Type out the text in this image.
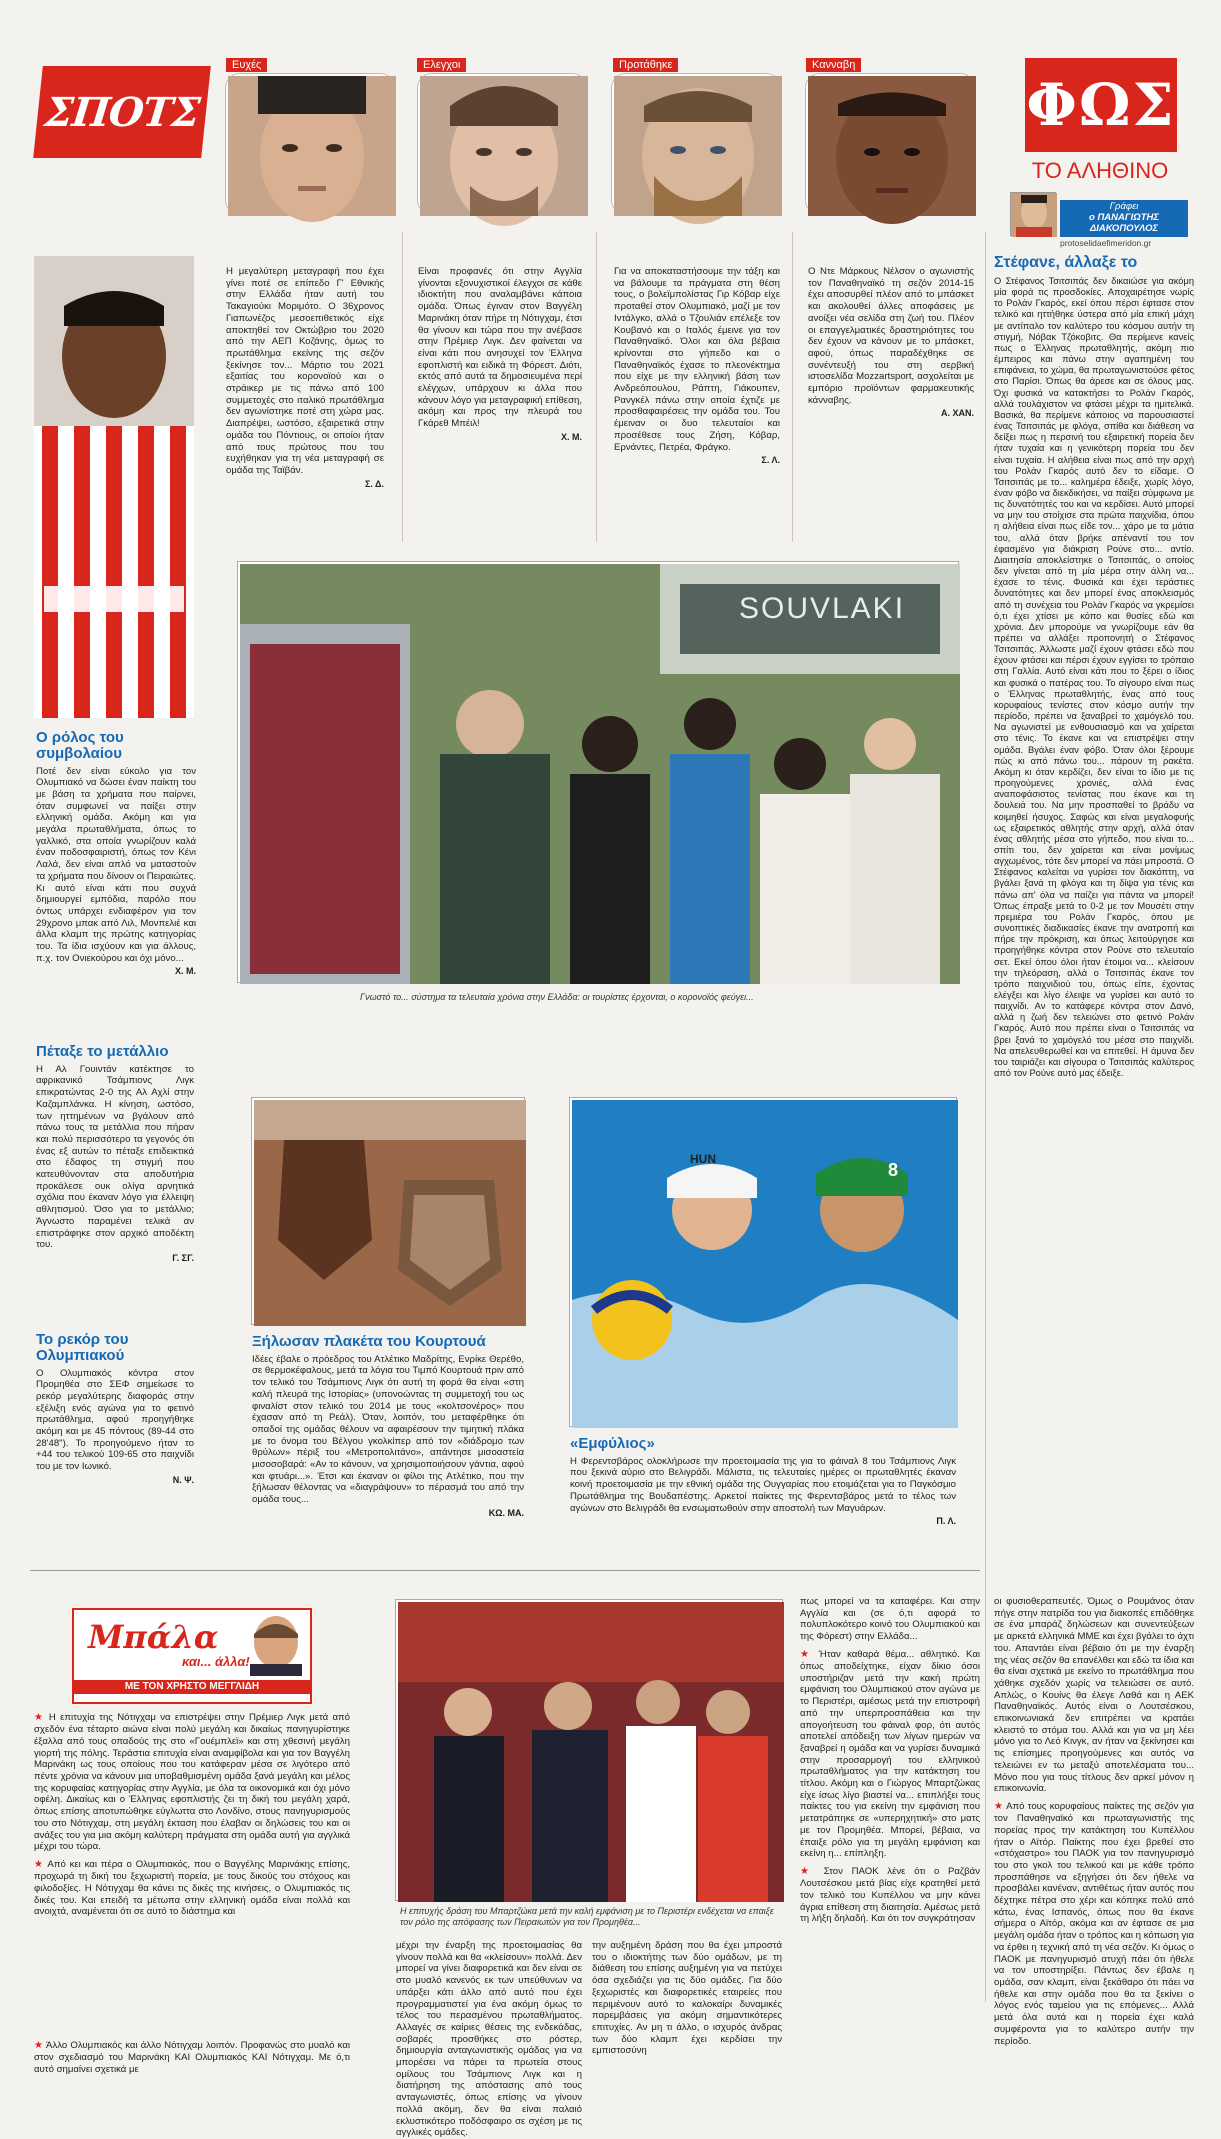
ΣΠΟΤΣ
Ευχές	Ελεγχοι	Προτάθηκε	Κανναβη
ΦΩΣ
ΤΟ ΑΛΗΘΙΝΟ
Γράφει
ο ΠΑΝΑΓΙΩΤΗΣ
ΔΙΑΚΟΠΟΥΛΟΣ
protoselidaefimeridon.gr
Η μεγαλύτερη μεταγραφή που έχει γίνει ποτέ σε επίπεδο Γ' Εθνικής στην Ελλάδα ήταν αυτή του Τακαγιούκι Μοριμότο. Ο 36χρονος Γιαπωνέζος μεσοεπιθετικός είχε αποκτηθεί τον Οκτώβριο του 2020 από την ΑΕΠ Κοζάνης, όμως το πρωτάθλημα εκείνης της σεζόν ξεκίνησε τον... Μάρτιο του 2021 εξαιτίας του κορονοϊού και ο στράικερ με τις πάνω από 100 συμμετοχές στο ιταλικό πρωτάθλημα δεν αγωνίστηκε ποτέ στη χώρα μας. Διαπρέψει, ωστόσο, εξαιρετικά στην ομάδα του Πόντιους, οι οποίοι ήταν από τους πρώτους που του ευχήθηκαν για τη νέα μεταγραφή σε ομάδα της Ταϊβάν.
Σ. Δ.
Είναι προφανές ότι στην Αγγλία γίνονται εξονυχιστικοί έλεγχοι σε κάθε ιδιοκτήτη που αναλαμβάνει κάποια ομάδα. Όπως έγιναν στον Βαγγέλη Μαρινάκη όταν πήρε τη Νότιγχαμ, έτσι θα γίνουν και τώρα που την ανέβασε στην Πρέμιερ Λιγκ. Δεν φαίνεται να είναι κάτι που ανησυχεί τον Έλληνα εφοπλιστή και ειδικά τη Φόρεστ. Διότι, εκτός από αυτά τα δημοσιευμένα περί ελέγχων, υπάρχουν κι άλλα που κάνουν λόγο για μεταγραφική επίθεση, ακόμη και προς την πλευρά του Γκάρεθ Μπέιλ!
Χ. Μ.
Για να αποκαταστήσουμε την τάξη και να βάλουμε τα πράγματα στη θέση τους, ο βολεϊμπολίστας Γιρ Κόβαρ είχε προταθεί στον Ολυμπιακό, μαζί με τον Ιντάλγκο, αλλά ο Τζουλιάν επέλεξε τον Κουβανό και ο Ιταλός έμεινε για τον Παναθηναϊκό. Όλοι και όλα βέβαια κρίνονται στο γήπεδο και ο Παναθηναϊκός έχασε το πλεονέκτημα που είχε με την ελληνική βάση των Ανδρεόπουλου, Ράπτη, Γιάκουπεν, Ρανγκέλ πάνω στην οποία έχτιζε με προσθαφαιρέσεις την ομάδα του. Του έμειναν οι δυο τελευταίοι και προσέθεσε τους Ζήση, Κόβαρ, Ερνάντες, Πετρέα, Φράγκο.
Σ. Λ.
Ο Ντε Μάρκους Νέλσον ο αγωνιστής τον Παναθηναϊκό τη σεζόν 2014-15 έχει αποσυρθεί πλέον από το μπάσκετ και ακολουθεί άλλες αποφάσεις με ανοίξει νέα σελίδα στη ζωή του. Πλέον οι επαγγελματικές δραστηριότητες του δεν έχουν να κάνουν με το μπάσκετ, αφού, όπως παραδέχθηκε σε συνέντευξή του στη σερβική ιστοσελίδα Mozzartsport, ασχολείται με εμπόριο προϊόντων φαρμακευτικής κάνναβης.
Α. ΧΑΝ.
Ο ρόλος του συμβολαίου
Ποτέ δεν είναι εύκολο για τον Ολυμπιακό να δώσει έναν παίκτη του με βάση τα χρήματα που παίρνει, όταν συμφωνεί να παίξει στην ελληνική ομάδα. Ακόμη και για μεγάλα πρωταθλήματα, όπως το γαλλικό, στα οποία γνωρίζουν καλά έναν ποδοσφαιριστή, όπως τον Κένι Λαλά, δεν είναι απλό να ματαστούν τα χρήματα που δίνουν οι Πειραιώτες. Κι αυτό είναι κάτι που συχνά δημιουργεί εμπόδια, παρόλο που όντως υπάρχει ενδιαφέρον για τον 29χρονο μπακ από Λιλ, Μονπελιέ και άλλα κλαμπ της πρώτης κατηγορίας του. Τα ίδια ισχύουν και για άλλους, π.χ. τον Ονιεκούρου και όχι μόνο...
Χ. Μ.
SOUVLAKI
Γνωστό το... σύστημα τα τελευταία χρόνια στην Ελλάδα: οι τουρίστες έρχονται, ο κορονοϊός φεύγει...
Πέταξε το μετάλλιο
Η Αλ Γουιντάν κατέκτησε το αφρικανικό Τσάμπιονς Λιγκ επικρατώντας 2-0 της Αλ Αχλί στην Καζαμπλάνκα. Η κίνηση, ωστόσο, των ηττημένων να βγάλουν από πάνω τους τα μετάλλια που πήραν και πολύ περισσότερο τα γεγονός ότι ένας εξ αυτών το πέταξε επιδεικτικά στο έδαφος τη στιγμή που κατευθύνονταν στα αποδυτήρια προκάλεσε ουκ ολίγα αρνητικά σχόλια που έκαναν λόγο για έλλειψη αθλητισμού. Όσο για το μετάλλιο; Άγνωστο παραμένει τελικά αν επιστράφηκε στον αρχικό αποδέκτη του.
Γ. ΣΓ.
Το ρεκόρ του Ολυμπιακού
Ο Ολυμπιακός κόντρα στον Προμηθέα στο ΣΕΦ σημείωσε το ρεκόρ μεγαλύτερης διαφοράς στην εξέλιξη ενός αγώνα για το φετινό πρωτάθλημα, αφού προηγήθηκε ακόμη και με 45 πόντους (89-44 στο 28'48"). Το προηγούμενο ήταν το +44 του τελικού 109-65 στο παιχνίδι του με τον Ιωνικό.
Ν. Ψ.
Ξήλωσαν πλακέτα του Κουρτουά
Ιδέες έβαλε ο πρόεδρος του Ατλέτικο Μαδρίτης, Ενρίκε Θερέθο, σε θερμοκέφαλους, μετά τα λόγια του Τιμπό Κουρτουά πριν από τον τελικό του Τσάμπιονς Λιγκ ότι αυτή τη φορά θα είναι «στη καλή πλευρά της Ιστορίας» (υπονοώντας τη συμμετοχή του ως φιναλίστ στον τελικό του 2014 με τους «κολτσονέρος» που έχασαν από τη Ρεάλ). Όταν, λοιπόν, του μεταφέρθηκε ότι οπαδοί της ομάδας θέλουν να αφαιρέσουν την τιμητική πλάκα με το όνομα του Βέλγου γκολκίπερ από τον «διάδρομο των θρύλων» πέριξ του «Μετροπολιτάνο», απάντησε μισοαστεία μισοσοβαρά: «Αν το κάνουν, να χρησιμοποιήσουν γάντια, αφού και φτυάρι...». Έτσι και έκαναν οι φίλοι της Ατλέτικο, που την ξήλωσαν θέλοντας να «διαγράψουν» το πέρασμά του από την ομάδα τους...
ΚΩ. ΜΑ.
HUN
8
«Εμφύλιος»
Η Φερεντσβάρος ολοκλήρωσε την προετοιμασία της για το φάιναλ 8 του Τσάμπιονς Λιγκ που ξεκινά αύριο στο Βελιγράδι. Μάλιστα, τις τελευταίες ημέρες οι πρωταθλητές έκαναν κοινή προετοιμασία με την εθνική ομάδα της Ουγγαρίας που ετοιμάζεται για το Παγκόσμιο Πρωτάθλημα της Βουδαπέστης. Αρκετοί παίκτες της Φερεντσβάρος μετά το τέλος των αγώνων στο Βελιγράδι θα ενσωματωθούν στην αποστολή των Μαγυάρων.
Π. Λ.
Στέφανε, άλλαξε το
Ο Στέφανος Τσιτσιπάς δεν δικαιώσε για ακόμη μία φορά τις προσδοκίες. Αποχαιρέτησε νωρίς το Ρολάν Γκαρός, εκεί όπου πέρσι έφτασε στον τελικό και ηττήθηκε ύστερα από μία επική μάχη με αντίπαλο τον καλύτερο του κόσμου αυτήν τη στιγμή, Νόβακ Τζόκοβιτς. Θα περίμενε κανείς πως ο Έλληνας πρωταθλητής, ακόμη πιο έμπειρος και πάνω στην αγαπημένη του επιφάνεια, το χώμα, θα πρωταγωνιστούσε φέτος στο Παρίσι. Όπως θα άρεσε και σε όλους μας. Όχι φυσικά να κατακτήσει το Ρολάν Γκαρός, αλλά τουλάχιστον να φτάσει μέχρι τα ημιτελικά. Βασικά, θα περίμενε κάποιος να παρουσιαστεί ένας Τσιτσιπάς με φλόγα, σπίθα και διάθεση να δείξει πως η περσινή του εξαιρετική πορεία δεν ήταν τυχαία και η γενικότερη πορεία του δεν είναι τυχαία. Η αλήθεια είναι πως από την αρχή του Ρολάν Γκαρός αυτό δεν το είδαμε. Ο Τσιτσιπάς με το... καλημέρα έδειξε, χωρίς λόγο, έναν φόβο να διεκδικήσει, να παίξει σύμφωνα με τις δυνατότητές του και να κερδίσει. Αυτό μπορεί να μην του στοίχισε στα πρώτα παιχνίδια, όπου η αλήθεια είναι πως είδε τον... χάρο με τα μάτια του, αλλά όταν βρήκε απέναντί του τον έφασμένο για διάκριση Ρούνε στο... αντίο. Διαιτησία αποκλείστηκε ο Τσιτσιπάς, ο οποίος δεν γίνεται από τη μία μέρα στην άλλη να... έχασε το τένις. Φυσικά και έχει τεράστιες δυνατότητες και δεν μπορεί ένας αποκλεισμός από τη συνέχεια του Ρολάν Γκαρός να γκρεμίσει ό,τι έχει χτίσει με κόπο και θυσίες εδώ και χρόνια. Δεν μπορούμε να γνωρίζουμε εάν θα πρέπει να αλλάξει προπονητή ο Στέφανος Τσιτσιπάς. Άλλωστε μαζί έχουν φτάσει εδώ που έχουν φτάσει και πέρσι έχουν εγγίσει το τρόπαιο στη Γαλλία. Αυτό είναι κάτι που το ξέρει ο ίδιος και φυσικά ο πατέρας του. Το σίγουρο είναι πως ο Έλληνας πρωταθλητής, ένας από τους κορυφαίους τενίστες στον κόσμο αυτήν την περίοδο, πρέπει να ξαναβρεί το χαμόγελό του. Να αγωνιστεί με ενθουσιασμό και να χαίρεται στο τένις. Το έκανε και να επιστρέψει στην ομάδα. Βγάλει έναν φόβο. Όταν όλοι ξέρουμε πώς κι από πάνω του... πάρουν τη ρακέτα. Ακόμη κι όταν κερδίζει, δεν είναι το ίδιο με τις προηγούμενες χρονιές, αλλά ένας αναποφάσιστος τενίστας που έκανε και τη δουλειά του. Να μην προσπαθεί το βράδυ να κοιμηθεί ήσυχος. Σαφώς και είναι μεγαλοφυής ως εξαιρετικός αθλητής στην αρχή, αλλά όταν ένας αθλητής μέσα στο γήπεδο, που είναι το... σπίτι του, δεν χαίρεται και είναι μονίμως αγχωμένος, τότε δεν μπορεί να πάει μπροστά. Ο Στέφανος καλείται να γυρίσει τον διακόπτη, να βγάλει ξανά τη φλόγα και τη δίψα για τένις και πάνω απ' όλα να παίζει για πάντα να μπορεί! Όπως έπραξε μετά το 0-2 με τον Μουσέτι στην πρεμιέρα του Ρολάν Γκαρός, όπου με συνοπτικές διαδικασίες έκανε την ανατροπή και πήρε την πρόκριση, και όπως λειτούργησε και προηγήθηκε κόντρα στον Ρούνε στο τελευταίο σετ. Εκεί όπου όλοι ήταν έτοιμοι να... κλείσουν την τηλεόραση, αλλά ο Τσιτσιπάς έκανε τον τρόπο παιχνιδιού του, όπως είπε, έχοντας ελέγξει και λίγο έλειψε να γυρίσει και αυτό το παιχνίδι. Αν το κατάφερε κόντρα στον Δανό, αλλά η ζωή δεν τελειώνει στο φετινό Ρολάν Γκαρός. Αυτό που πρέπει είναι ο Τσιτσιπάς να βρει ξανά το χαμόγελό του μέσα στο παιχνίδι. Να απελευθερωθεί και να επιτεθεί. Η άμυνα δεν του ταιριάζει και σίγουρα ο Τσιτσιπάς καλύτερος από τον Ρούνε αυτό μας έδειξε.
Μπάλα
και... άλλα!
ΜΕ ΤΟΝ ΧΡΗΣΤΟ ΜΕΓΓΛΙΔΗ

★ Η επιτυχία της Νότιγχαμ να επιστρέψει στην Πρέμιερ Λιγκ μετά από σχεδόν ένα τέταρτο αιώνα είναι πολύ μεγάλη και δικαίως πανηγυρίστηκε έξαλλα από τους οπαδούς της στο «Γουέμπλεϊ» και στη χθεσινή μεγάλη γιορτή της πόλης. Τεράστια επιτυχία είναι αναμφίβολα και για τον Βαγγέλη Μαρινάκη ως τους οποίους που του κατάφεραν μέσα σε λιγότερο από πέντε χρόνια να κάνουν μια υποβαθμισμένη ομάδα ξανά μεγάλη και μέλος της κορυφαίας κατηγορίας στην Αγγλία, με όλα τα οικονομικά και όχι μόνο οφέλη. Δικαίως και ο Έλληνας εφοπλιστής ζει τη δική του μεγάλη χαρά, όπως επίσης αποτυπώθηκε εύγλωττα στο Λονδίνο, στους πανηγυρισμούς του στο Νότιγχαμ, στη μεγάλη έκταση που έλαβαν οι δηλώσεις του και οι ανάξες του για μια ακόμη καλύτερη πράγματα στη ομάδα αυτή για αγγλικά μέχρι του τώρα.

★ Από κει και πέρα ο Ολυμπιακός, που ο Βαγγέλης Μαρινάκης επίσης, προχωρά τη δική του ξεχωριστή πορεία, με τους δικούς του στόχους και φιλοδοξίες. Η Νότιγχαμ θα κάνει τις δικές της κινήσεις, ο Ολυμπιακός τις δικές του. Και επειδή τα μέτωπα στην ελληνική ομάδα είναι πολλά και ανοιχτά, αναμένεται ότι σε αυτό το διάστημα και	Η επιτυχής δράση του Μπαρτζώκα μετά την καλή εμφάνιση με το Περιστέρι ενδέχεται να επαιξε τον ρόλο της απόφασης των Πειραιωτών για τον Προμηθέα...

μέχρι την έναρξη της προετοιμασίας θα γίνουν πολλά και θα «κλείσουν» πολλά. Δεν μπορεί να γίνει διαφορετικά και δεν είναι σε στο μυαλό κανενός εκ των υπεύθυνων να υπάρξει κάτι άλλο από αυτό που έχει προγραμματιστεί για ένα ακόμη όμως το τέλος του περασμένου πρωταθλήματος. Αλλαγές σε καίριες θέσεις της ενδεκάδας, σοβαρές προσθήκες στο ρόστερ, δημιουργία ανταγωνιστικής ομάδας για να μπορέσει να πάρει τα πρωτεία στους ομίλους του Τσάμπιονς Λιγκ και η διατήρηση της απόστασης από τους ανταγωνιστές, όπως επίσης να γίνουν πολλά ακόμη, δεν θα είναι παλαιό εκλυστικότερο ποδόσφαιρο σε σχέση με τις αγγλικές ομάδες.

την αυξημένη δράση που θα έχει μπροστά του ο ιδιοκτήτης των δύο ομάδων, με τη διάθεση του επίσης αυξημένη για να πετύχει όσα σχεδιάζει για τις δύο ομάδες. Για δύο ξεχωριστές και διαφορετικές εταιρείες που περιμένουν αυτό το καλοκαίρι δυναμικές παρεμβάσεις για ακόμη σημαντικότερες επιτυχίες. Αν μη τι άλλο, ο ισχυρός άνδρας των δύο κλαμπ έχει κερδίσει την εμπιστοσύνη

πως μπορεί να τα καταφέρει. Και στην Αγγλία και (σε ό,τι αφορά το πολυπλοκότερο κοινό του Ολυμπιακού και της Φόρεστ) στην Ελλάδα...

★ Ήταν καθαρά θέμα... αθλητικό. Και όπως αποδείχτηκε, είχαν δίκιο όσοι υποστήριζαν μετά την κακή πρώτη εμφάνιση του Ολυμπιακού στον αγώνα με το Περιστέρι, αμέσως μετά την επιστροφή από την υπερπροσπάθεια και την απογοήτευση του φάιναλ φορ, ότι αυτός αποτελεί απόδειξη των λίγων ημερών να ξαναβρεί η ομάδα και να γυρίσει δυναμικά στην προσαρμογή του ελληνικού πρωταθλήματος για την κατάκτηση του τίτλου. Ακόμη και ο Γιώργος Μπαρτζώκας είχε ίσως λίγο βιαστεί να... επιπλήξει τους παίκτες του για εκείνη την εμφάνιση που μετατράπηκε σε «υπερηχητική» στο ματς με τον Προμηθέα. Μπορεί, βέβαια, να έπαιξε ρόλο για τη μεγάλη εμφάνιση και εκείνη η... επίπληξη.

★ Στον ΠΑΟΚ λένε ότι ο Ραζβάν Λουτσέσκου μετά βίας είχε κρατηθεί μετά τον τελικό του Κυπέλλου να μην κάνει άγρια επίθεση στη διαιτησία. Αμέσως μετά τη λήξη δηλαδή. Και ότι τον συγκράτησαν

οι φυσιοθεραπευτές. Όμως ο Ρουμάνος όταν πήγε στην πατρίδα του για διακοπές επιδόθηκε σε ένα μπαράζ δηλώσεων και συνεντεύξεων με αρκετά ελληνικά ΜΜΕ και έχει βγάλει το άχτι του. Απαντάει είναι βέβαιο ότι με την έναρξη της νέας σεζόν θα επανέλθει και εδώ τα ίδια και θα είναι σχετικά με εκείνο το πρωτάθλημα που χάθηκε σχεδόν χωρίς να τελειώσει σε αυτό. Απλώς, ο Κουίνς θα έλεγε Λαθά και η ΑΕΚ Παναθηναϊκός. Αυτός είναι ο Λουτσέσκου, επικοινωνιακά δεν επιτρέπει να κρατάει κλειστό το στόμα του. Αλλά και για να μη λέει μόνο για το Λεό Κινγκ, αν ήταν να ξεκίνησει και τις επίσημες προηγούμενες και αυτός να τελειώνει εν τω μεταξύ αποτελέσματα του... Μόνο που για τους τίτλους δεν αρκεί μόνον η επικοινωνία.

★ Από τους κορυφαίους παίκτες της σεζόν για τον Παναθηναϊκό και πρωταγωνιστής της πορείας προς την κατάκτηση του Κυπέλλου ήταν ο Αϊτόρ. Παίκτης που έχει βρεθεί στο «στόχαστρο» του ΠΑΟΚ για τον πανηγυρισμό του στο γκολ του τελικού και με κάθε τρόπο προσπάθησε να εξηγήσει ότι δεν ήθελε να προσβάλει κανέναν, αντιθέτως ήταν αυτός που δέχτηκε πέτρα στο χέρι και κόπηκε πολύ από κάτω, ένας Ισπανός, όπως που θα έκανε σήμερα ο Αϊτόρ, ακόμα και αν έφτασε σε μια μεγάλη ομάδα ήταν ο τρόπος και η κόπωση για να έρθει η τεχνική από τη νέα σεζόν. Κι όμως ο ΠΑΟΚ με πανηγυρισμό ατυχή πάει ότι ήθελε να τον υποστηρίξει. Πάντως δεν έβαλε η ομάδα, σαν κλαμπ, είναι ξεκάθαρο ότι πάει να ήθελε και στην ομάδα που θα τα ξεκίνει ο λόγος ενός ταμείου για τις επόμενες... Αλλά μετά όλα αυτά και η πορεία έχει καλά συμφέροντα για το καλύτερο αυτήν την περίοδο.

★ Άλλο Ολυμπιακός και άλλο Νότιγχαμ λοιπόν. Προφανώς στο μυαλό και στον σχεδιασμό του Μαρινάκη ΚΑΙ Ολυμπιακός ΚΑΙ Νότιγχαμ. Με ό,τι αυτό σημαίνει σχετικά με
